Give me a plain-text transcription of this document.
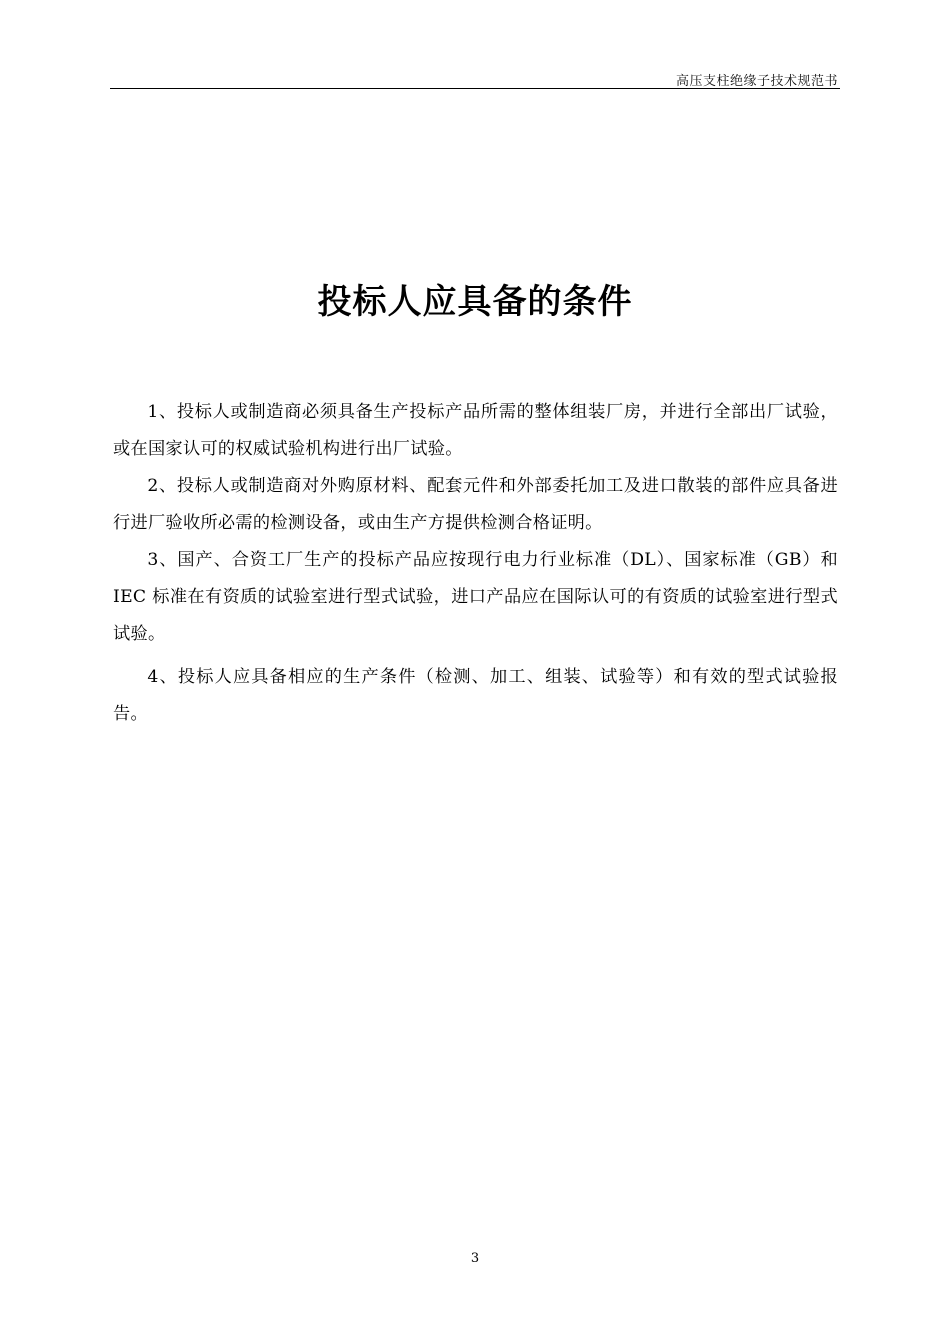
高压支柱绝缘子技术规范书
投标人应具备的条件

1、投标人或制造商必须具备生产投标产品所需的整体组装厂房，并进行全部出厂试验，或在国家认可的权威试验机构进行出厂试验。

2、投标人或制造商对外购原材料、配套元件和外部委托加工及进口散装的部件应具备进行进厂验收所必需的检测设备，或由生产方提供检测合格证明。

3、国产、合资工厂生产的投标产品应按现行电力行业标准（DL）、国家标准（GB）和 IEC 标准在有资质的试验室进行型式试验，进口产品应在国际认可的有资质的试验室进行型式试验。

4、投标人应具备相应的生产条件（检测、加工、组装、试验等）和有效的型式试验报告。

3
